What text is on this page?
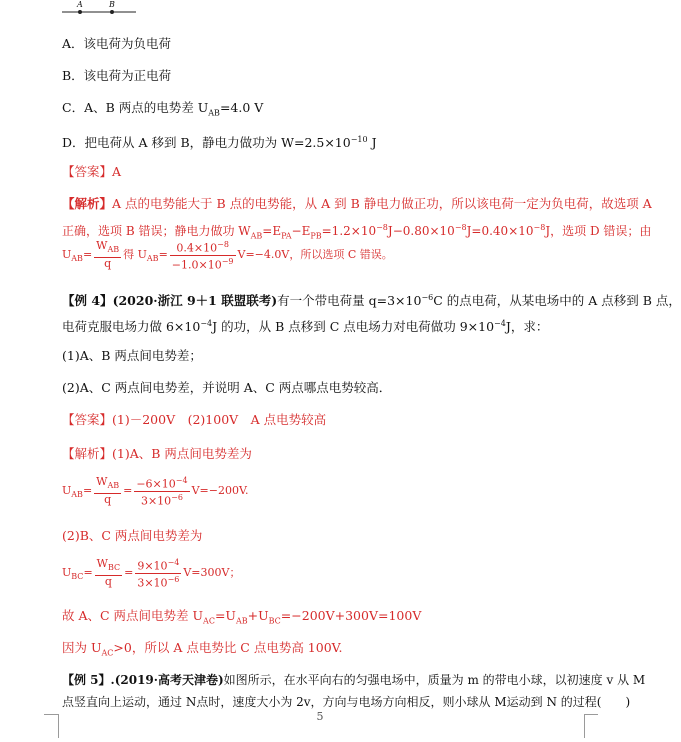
A	B
A．该电荷为负电荷
B．该电荷为正电荷
C．A、B 两点的电势差 $U_{AB}=4.0$ V
D．把电荷从 A 移到 B，静电力做功为 $W=2.5\times 10^{-10}$ J
【答案】A
【解析】A 点的电势能大于 B 点的电势能，从 A 到 B 静电力做正功，所以该电荷一定为负电荷，故选项 A
正确，选项 B 错误；静电力做功 $W_{AB}=E_{PA}-E_{PB}=1.2\times 10^{-8}J-0.80\times 10^{-8}J=0.40\times 10^{-8}J$，选项 D 错误；由
$U_{AB}= \frac{W_{AB}}{q}$ 得 $U_{AB}= \frac{0.4\times 10^{-8}}{-1.0\times 10^{-9}} V=-4.0V$，所以选项 C 错误。
【例 4】(2020·浙江 9＋1 联盟联考)有一个带电荷量 $q=3\times 10^{-6}C$ 的点电荷，从某电场中的 A 点移到 B 点，
电荷克服电场力做 $6\times 10^{-4}J$ 的功，从 B 点移到 C 点电场力对电荷做功 $9\times 10^{-4}J$，求：
(1)A、B 两点间电势差；
(2)A、C 两点间电势差，并说明 A、C 两点哪点电势较高．
【答案】(1)－200V　(2)100V　A 点电势较高
【解析】(1)A、B 两点间电势差为
$U_{AB}= \frac{W_{AB}}{q} = \frac{-6\times 10^{-4}}{3\times 10^{-6}} V=-200V$.
(2)B、C 两点间电势差为
$U_{BC}= \frac{W_{BC}}{q} = \frac{9\times 10^{-4}}{3\times 10^{-6}} V=300V$；
故 A、C 两点间电势差 $U_{AC}=U_{AB}+U_{BC}=-200V+300V=100V$
因为 $U_{AC}>0$，所以 A 点电势比 C 点电势高 100V.
【例 5】.(2019·高考天津卷)如图所示，在水平向右的匀强电场中，质量为 m 的带电小球，以初速度 v 从 M
点竖直向上运动，通过 N点时，速度大小为 2v，方向与电场方向相反，则小球从 M运动到 N 的过程(　　)
5
